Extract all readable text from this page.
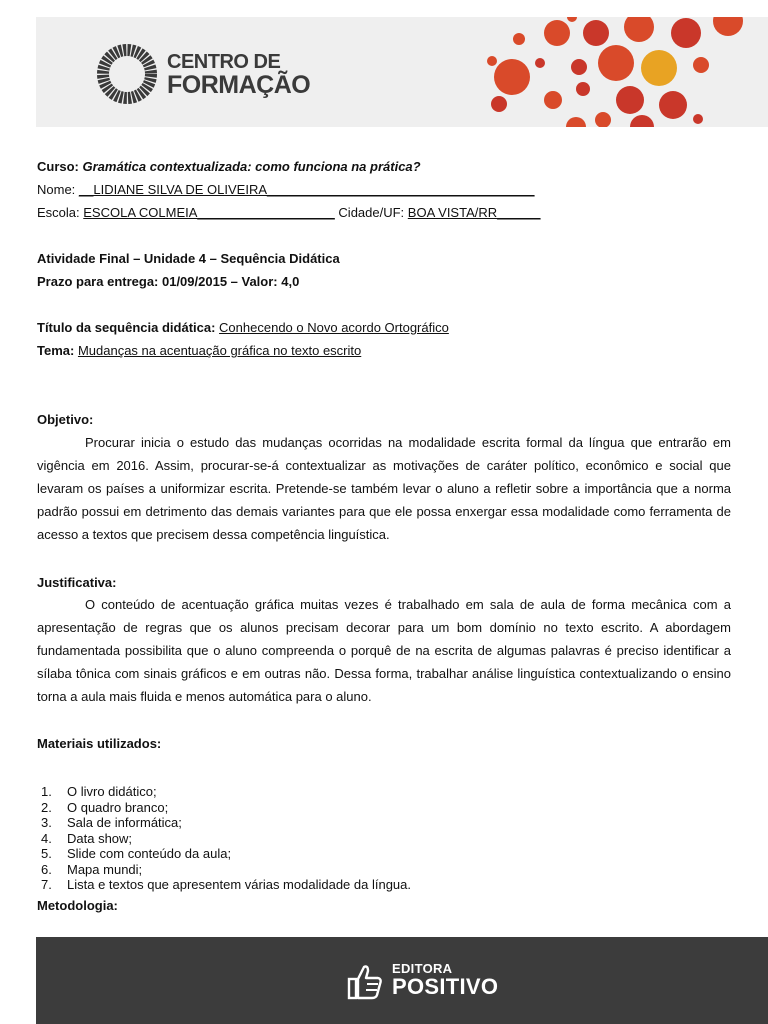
CENTRO DE
FORMAÇÃO
Curso: Gramática contextualizada: como funciona na prática?
Nome: __LIDIANE SILVA DE OLIVEIRA_____________________________________
Escola: ESCOLA COLMEIA___________________ Cidade/UF: BOA VISTA/RR______
Atividade Final – Unidade 4 – Sequência Didática
Prazo para entrega: 01/09/2015 – Valor: 4,0
Título da sequência didática: Conhecendo o Novo acordo Ortográfico
Tema: Mudanças na acentuação gráfica no texto escrito
Objetivo:

Procurar inicia o estudo das mudanças ocorridas na modalidade escrita formal da língua que entrarão em vigência em 2016. Assim, procurar-se-á contextualizar as motivações de caráter político, econômico e social que levaram os países a uniformizar escrita. Pretende-se também levar o aluno a refletir sobre a importância que a norma padrão possui em detrimento das demais variantes para que ele possa enxergar essa modalidade como ferramenta de acesso a textos que precisem dessa competência linguística.

Justificativa:

O conteúdo de acentuação gráfica muitas vezes é trabalhado em sala de aula de forma mecânica com a apresentação de regras que os alunos precisam decorar para um bom domínio no texto escrito. A abordagem fundamentada possibilita que o aluno compreenda o porquê de na escrita de algumas palavras é preciso identificar a sílaba tônica com sinais gráficos e em outras não. Dessa forma, trabalhar análise linguística contextualizando o ensino torna a aula mais fluida e menos automática para o aluno.

Materiais utilizados:
1. O livro didático;
2. O quadro branco;
3. Sala de informática;
4. Data show;
5. Slide com conteúdo da aula;
6. Mapa mundi;
7. Lista e textos que apresentem várias modalidade da língua.
Metodologia:
EDITORA
POSITIVO
